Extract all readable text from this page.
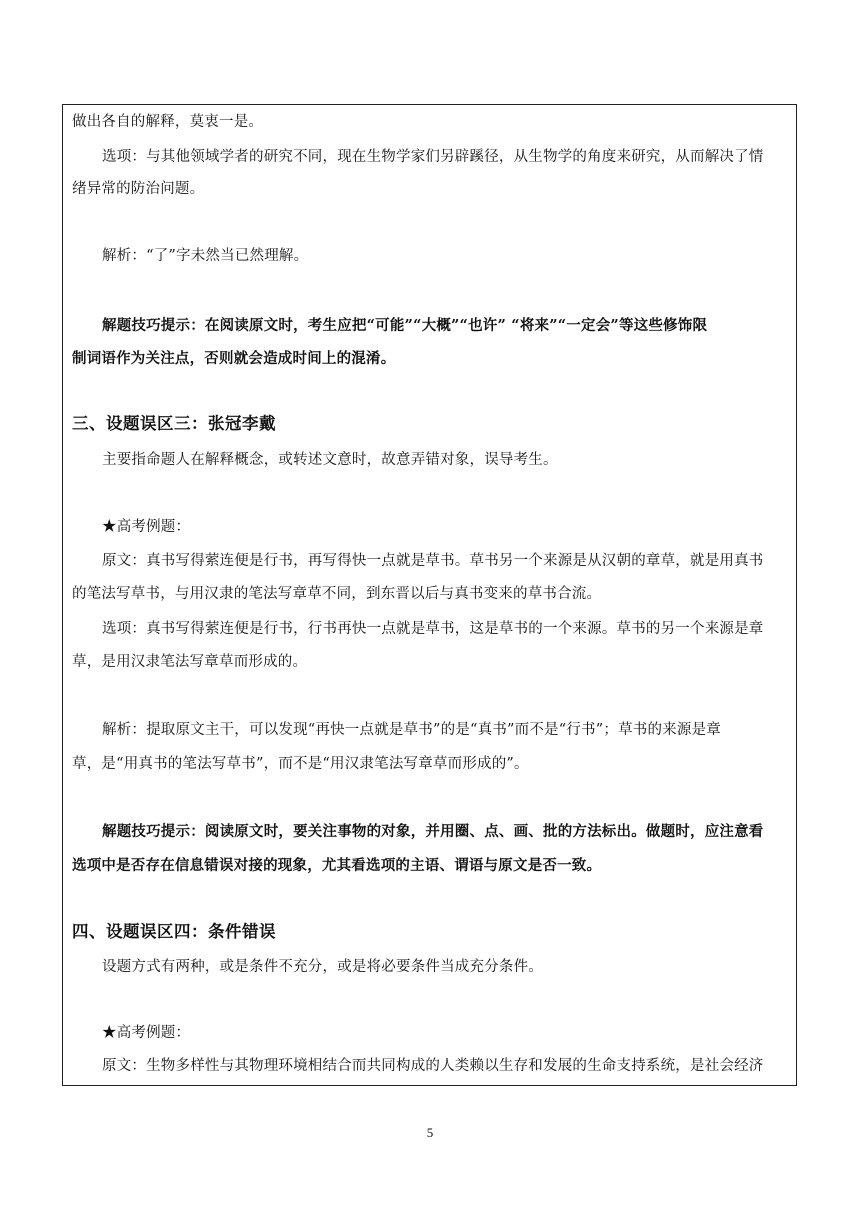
做出各自的解释，莫衷一是。
选项：与其他领域学者的研究不同，现在生物学家们另辟蹊径，从生物学的角度来研究，从而解决了情
绪异常的防治问题。
解析：“了”字未然当已然理解。
解题技巧提示：在阅读原文时，考生应把“可能”“大概”“也许” “将来”“一定会”等这些修饰限
制词语作为关注点，否则就会造成时间上的混淆。
三、设题误区三：张冠李戴
主要指命题人在解释概念，或转述文意时，故意弄错对象，误导考生。
★高考例题：
原文：真书写得萦连便是行书，再写得快一点就是草书。草书另一个来源是从汉朝的章草，就是用真书
的笔法写草书，与用汉隶的笔法写章草不同，到东晋以后与真书变来的草书合流。
选项：真书写得萦连便是行书，行书再快一点就是草书，这是草书的一个来源。草书的另一个来源是章
草，是用汉隶笔法写章草而形成的。
解析：提取原文主干，可以发现“再快一点就是草书”的是“真书”而不是“行书”；草书的来源是章
草，是“用真书的笔法写草书”，而不是“用汉隶笔法写章草而形成的”。
解题技巧提示：阅读原文时，要关注事物的对象，并用圈、点、画、批的方法标出。做题时，应注意看
选项中是否存在信息错误对接的现象，尤其看选项的主语、谓语与原文是否一致。
四、设题误区四：条件错误
设题方式有两种，或是条件不充分，或是将必要条件当成充分条件。
★高考例题：
原文：生物多样性与其物理环境相结合而共同构成的人类赖以生存和发展的生命支持系统，是社会经济
5
